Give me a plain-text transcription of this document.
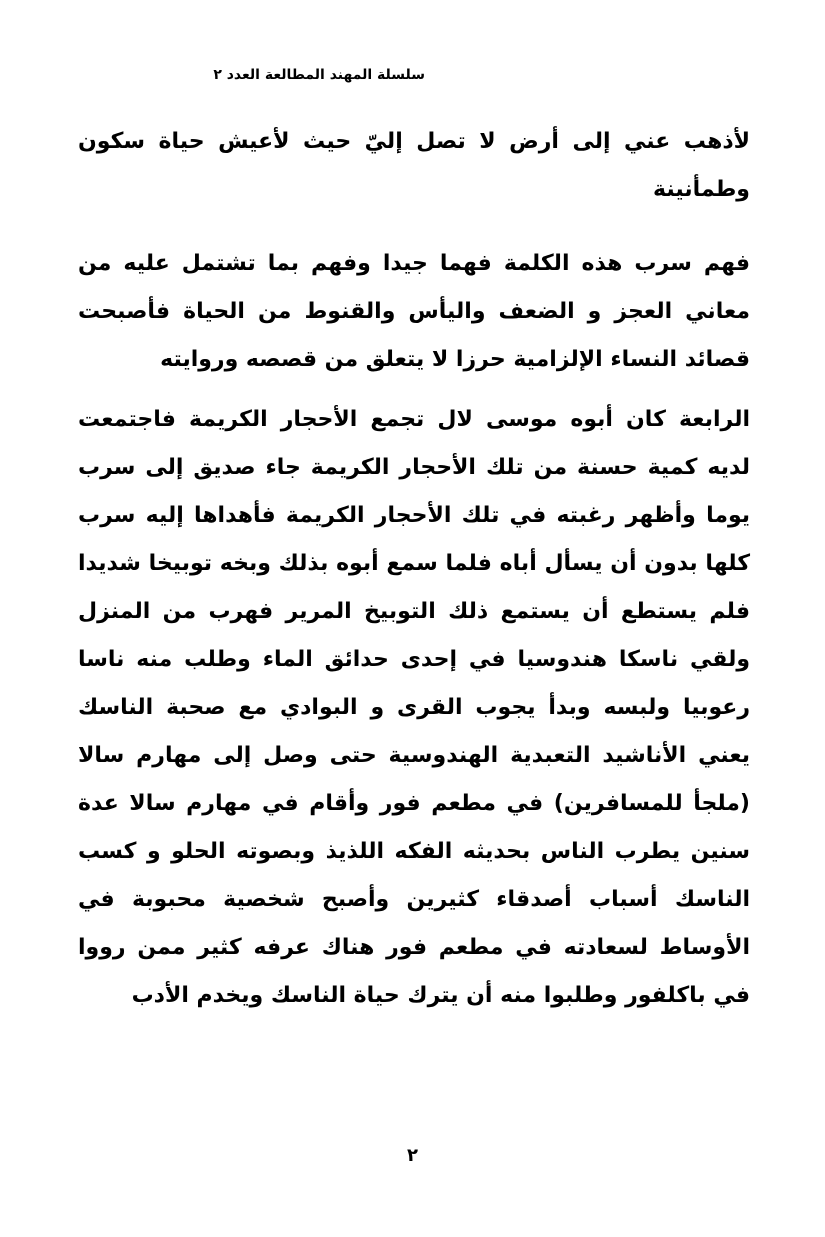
سلسلة المهند المطالعة العدد ٢

لأذهب عني إلى أرض لا تصل إليّ حيث لأعيش حياة سكون وطمأنينة

فهم سرب هذه الكلمة فهما جيدا وفهم بما تشتمل عليه من معاني العجز و الضعف واليأس والقنوط من الحياة فأصبحت قصائد النساء الإلزامية حرزا لا يتعلق من قصصه وروايته

الرابعة كان أبوه موسى لال تجمع الأحجار الكريمة فاجتمعت لديه كمية حسنة من تلك الأحجار الكريمة جاء صديق إلى سرب يوما وأظهر رغبته في تلك الأحجار الكريمة فأهداها إليه سرب كلها بدون أن يسأل أباه فلما سمع أبوه بذلك وبخه توبيخا شديدا فلم يستطع أن يستمع ذلك التوبيخ المرير فهرب من المنزل ولقي ناسكا هندوسيا في إحدى حدائق الماء وطلب منه ناسا رعوبيا ولبسه وبدأ يجوب القرى و البوادي مع صحبة الناسك يعني الأناشيد التعبدية الهندوسية حتى وصل إلى مهارم سالا (ملجأ للمسافرين) في مطعم فور وأقام في مهارم سالا عدة سنين يطرب الناس بحديثه الفكه اللذيذ وبصوته الحلو و كسب الناسك أسباب أصدقاء كثيرين وأصبح شخصية محبوبة في الأوساط لسعادته في مطعم فور هناك عرفه كثير ممن رووا في باكلفور وطلبوا منه أن يترك حياة الناسك ويخدم الأدب

٢
